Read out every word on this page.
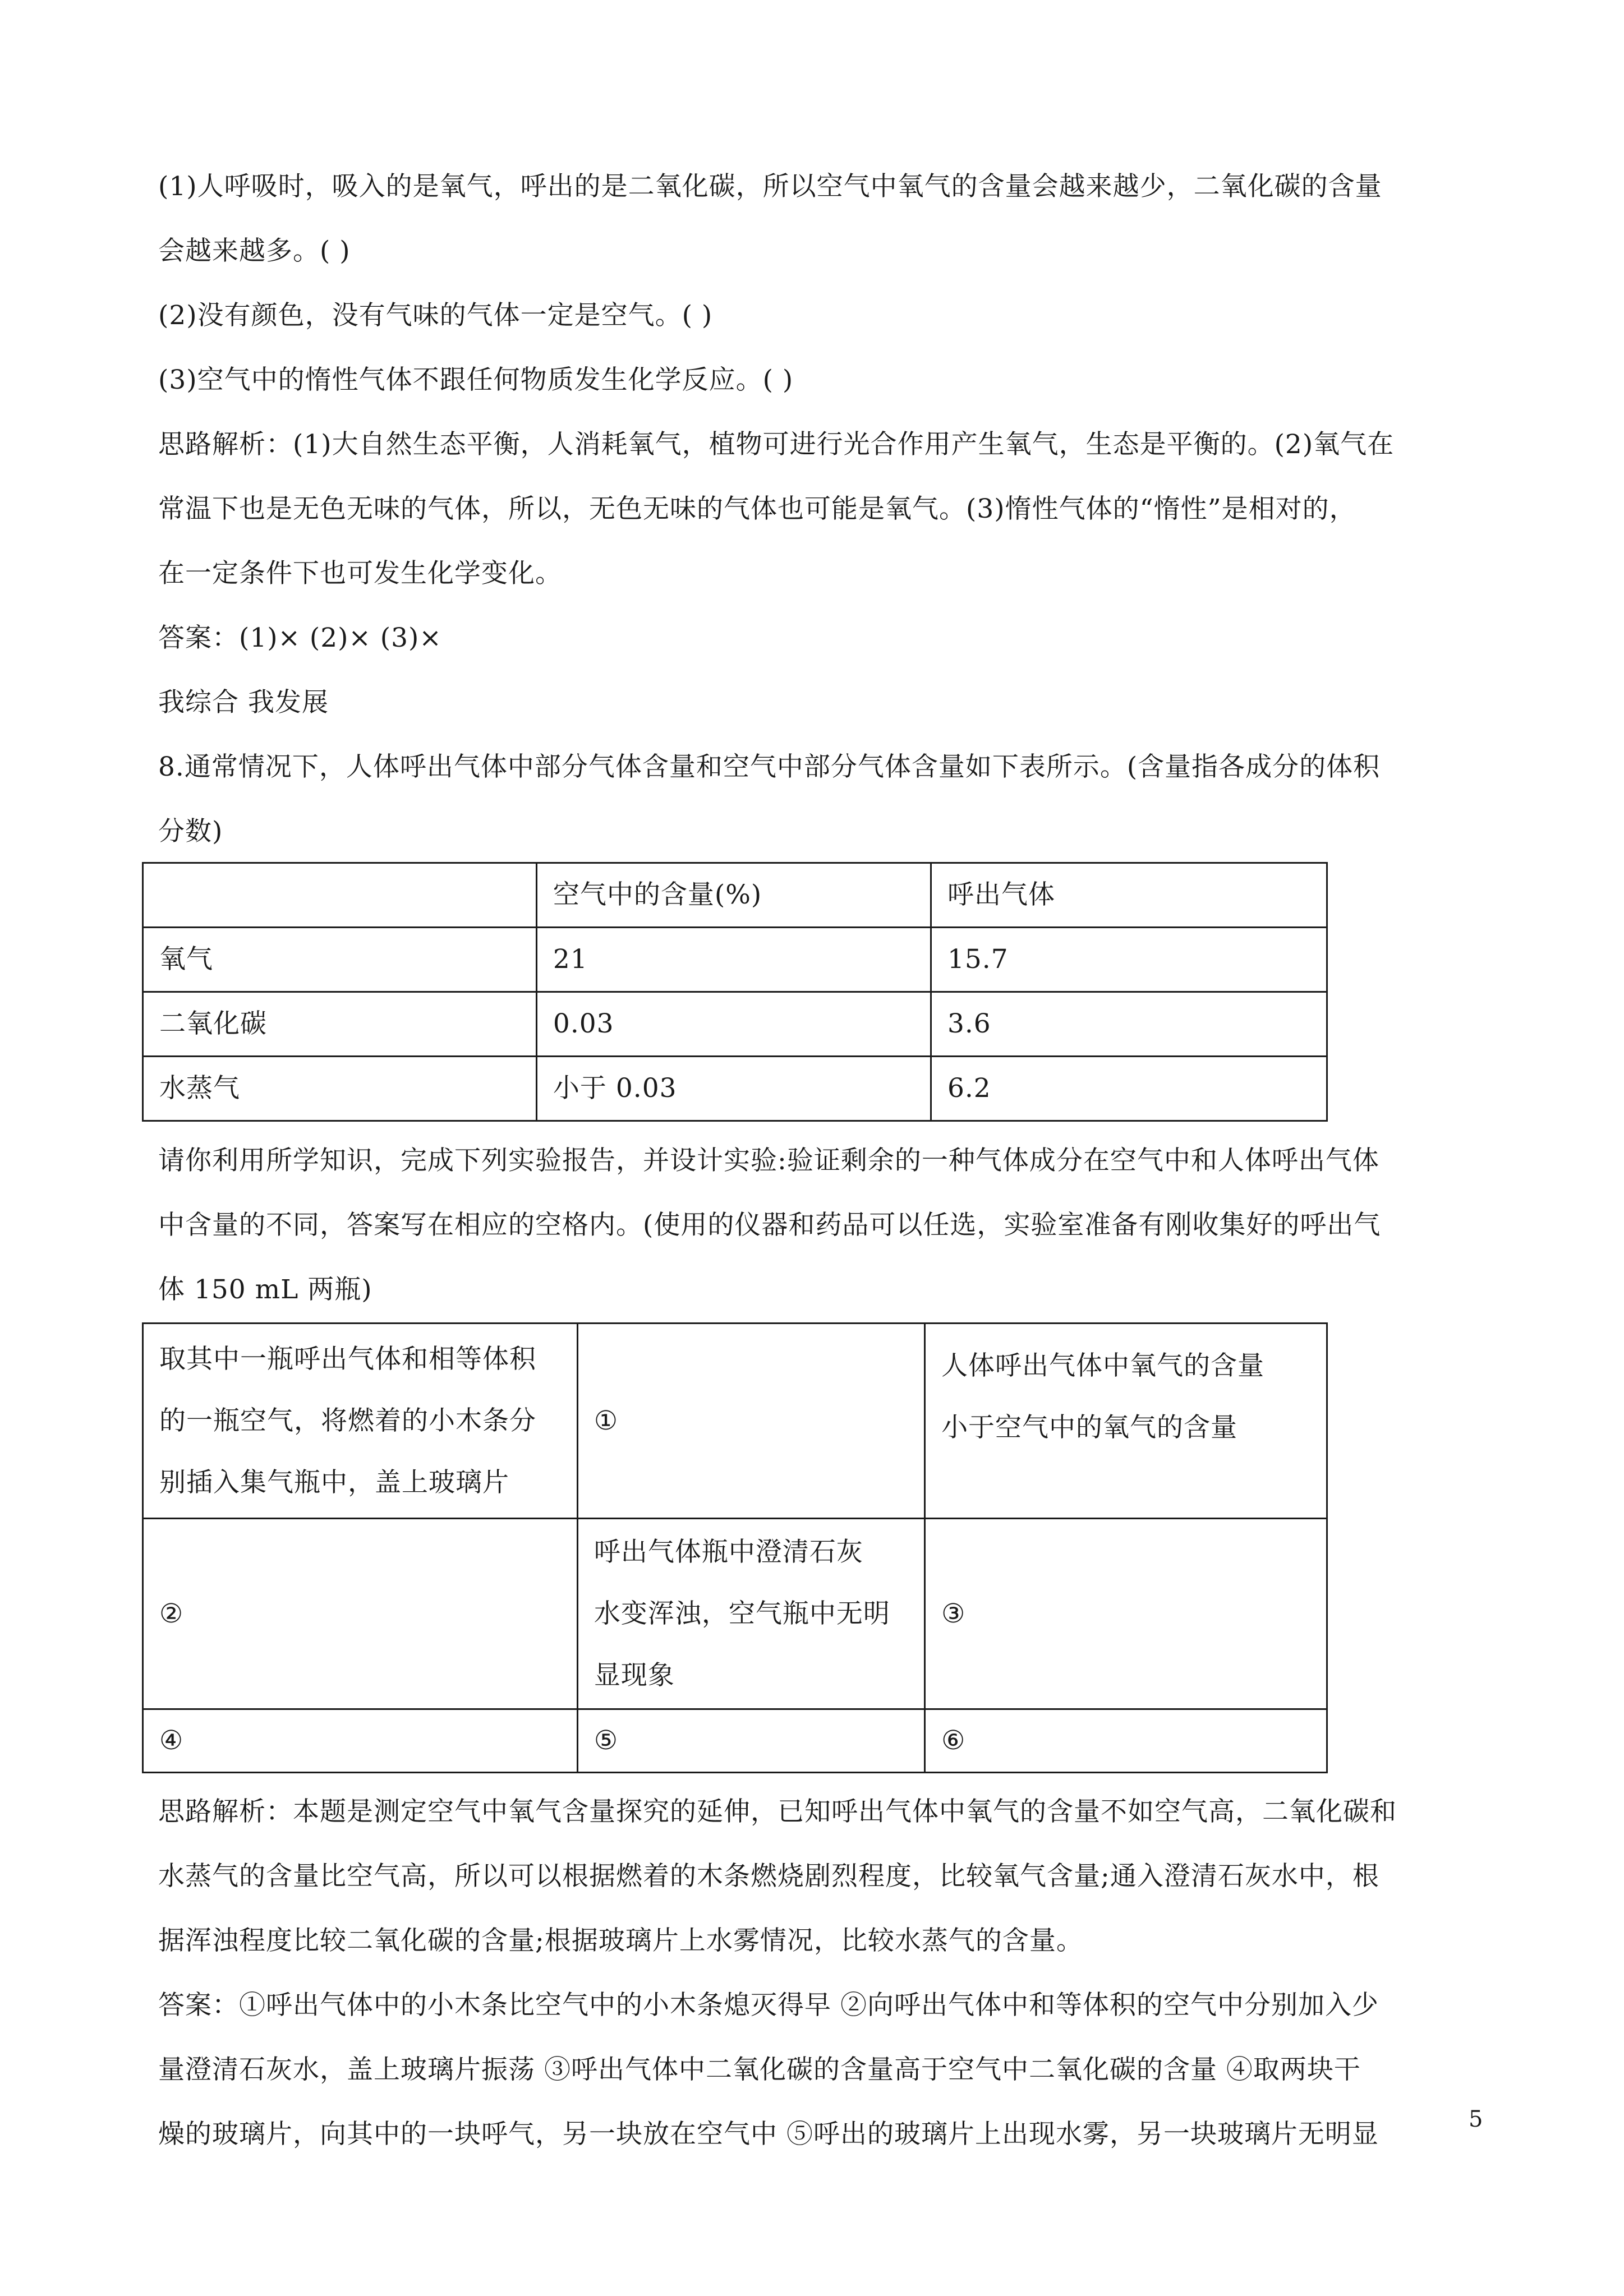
(1)人呼吸时，吸入的是氧气，呼出的是二氧化碳，所以空气中氧气的含量会越来越少，二氧化碳的含量
会越来越多。( )
(2)没有颜色，没有气味的气体一定是空气。( )
(3)空气中的惰性气体不跟任何物质发生化学反应。( )
思路解析：(1)大自然生态平衡，人消耗氧气，植物可进行光合作用产生氧气，生态是平衡的。(2)氧气在
常温下也是无色无味的气体，所以，无色无味的气体也可能是氧气。(3)惰性气体的“惰性”是相对的，
在一定条件下也可发生化学变化。
答案：(1)× (2)× (3)×
我综合 我发展
8.通常情况下，人体呼出气体中部分气体含量和空气中部分气体含量如下表所示。(含量指各成分的体积
分数)
	空气中的含量(%)	呼出气体
氧气	21	15.7
二氧化碳	0.03	3.6
水蒸气	小于 0.03	6.2
请你利用所学知识，完成下列实验报告，并设计实验:验证剩余的一种气体成分在空气中和人体呼出气体
中含量的不同，答案写在相应的空格内。(使用的仪器和药品可以任选，实验室准备有刚收集好的呼出气
体 150 mL 两瓶)
取其中一瓶呼出气体和相等体积
的一瓶空气，将燃着的小木条分
别插入集气瓶中，盖上玻璃片	①	人体呼出气体中氧气的含量
小于空气中的氧气的含量
②	呼出气体瓶中澄清石灰
水变浑浊，空气瓶中无明
显现象	③
④	⑤	⑥
思路解析：本题是测定空气中氧气含量探究的延伸，已知呼出气体中氧气的含量不如空气高，二氧化碳和
水蒸气的含量比空气高，所以可以根据燃着的木条燃烧剧烈程度，比较氧气含量;通入澄清石灰水中，根
据浑浊程度比较二氧化碳的含量;根据玻璃片上水雾情况，比较水蒸气的含量。
答案：①呼出气体中的小木条比空气中的小木条熄灭得早 ②向呼出气体中和等体积的空气中分别加入少
量澄清石灰水，盖上玻璃片振荡 ③呼出气体中二氧化碳的含量高于空气中二氧化碳的含量 ④取两块干
燥的玻璃片，向其中的一块呼气，另一块放在空气中 ⑤呼出的玻璃片上出现水雾，另一块玻璃片无明显	5
